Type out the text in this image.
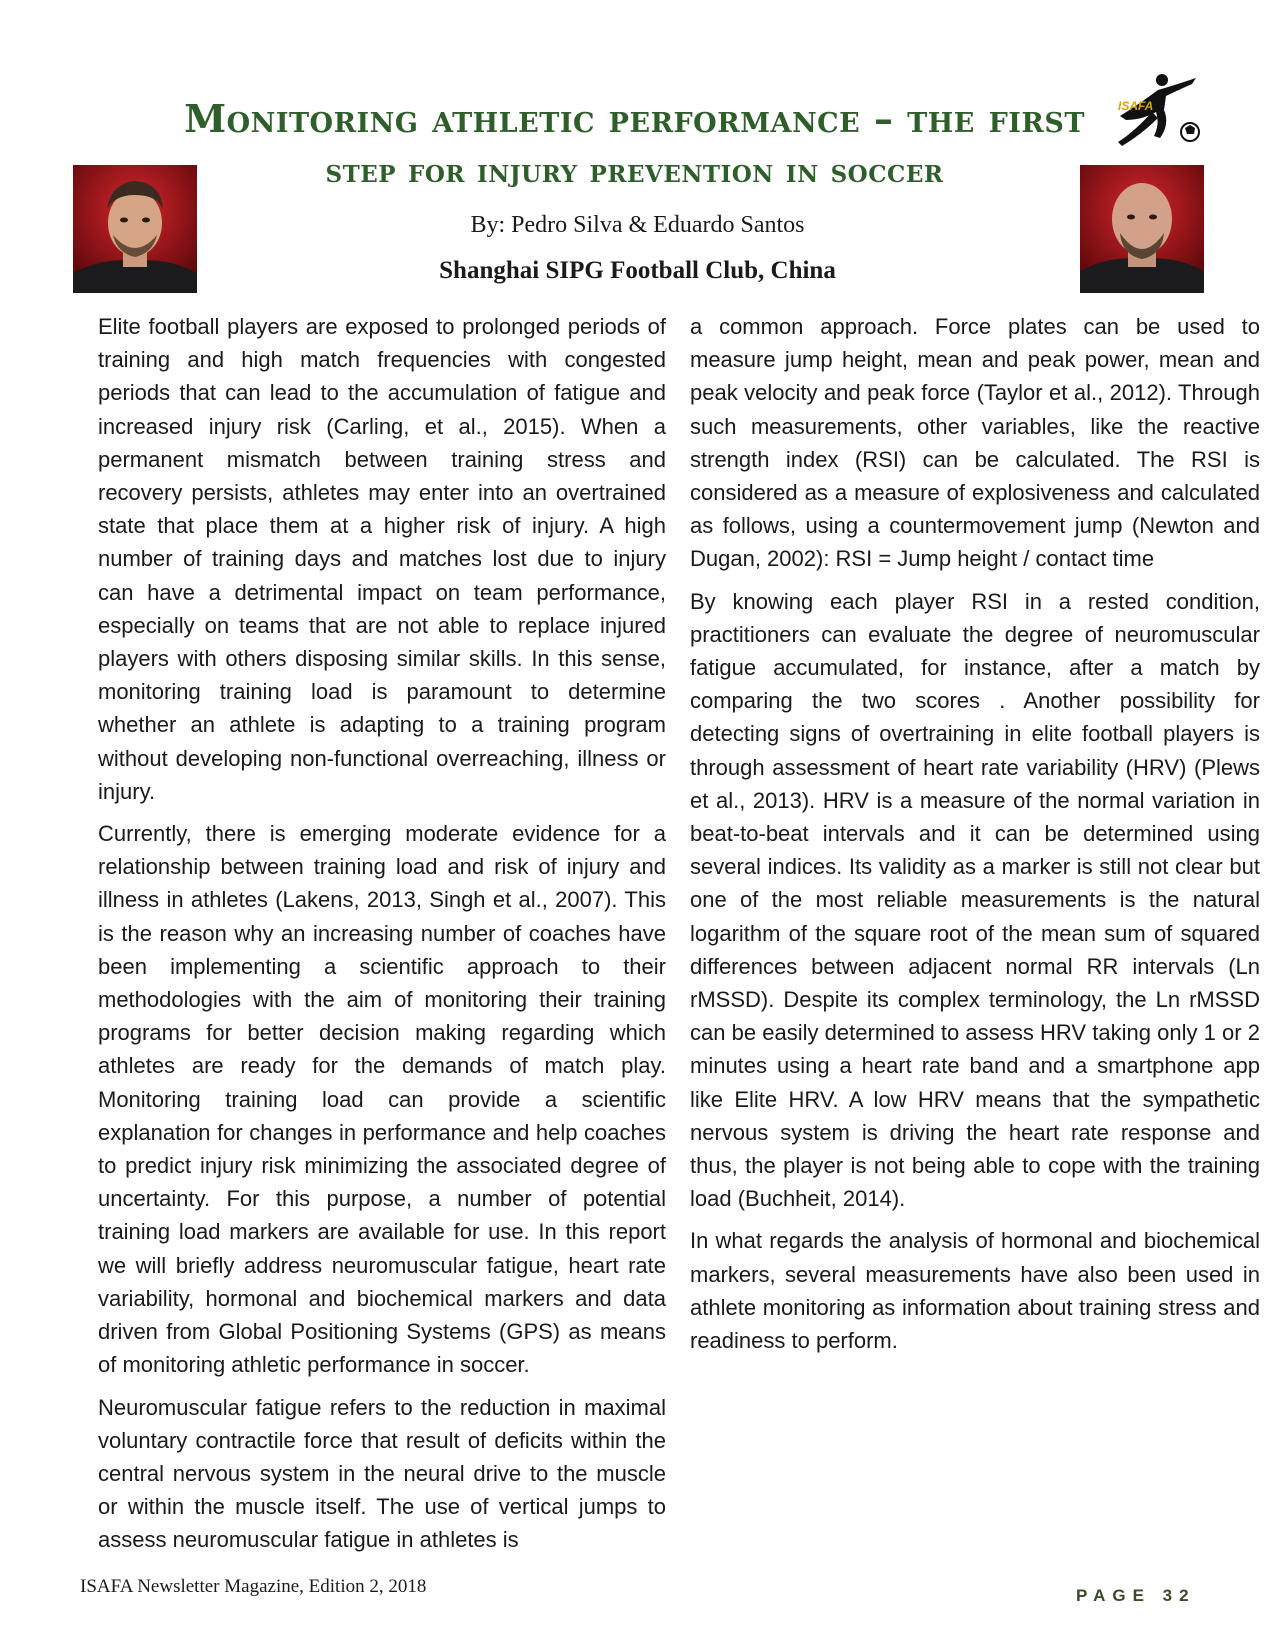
Monitoring athletic performance – the first
step for injury prevention in soccer

By: Pedro Silva & Eduardo Santos

Shanghai SIPG Football Club, China

ISAFA

Elite football players are exposed to prolonged periods of training and high match frequencies with congested periods that can lead to the accumulation of fatigue and increased injury risk (Carling, et al., 2015). When a permanent mismatch between training stress and recovery persists, athletes may enter into an overtrained state that place them at a higher risk of injury. A high number of training days and matches lost due to injury can have a detrimental impact on team performance, especially on teams that are not able to replace injured players with others disposing similar skills. In this sense, monitoring training load is paramount to determine whether an athlete is adapting to a training program without developing non-functional overreaching, illness or injury.

Currently, there is emerging moderate evidence for a relationship between training load and risk of injury and illness in athletes (Lakens, 2013, Singh et al., 2007). This is the reason why an increasing number of coaches have been implementing a scientific approach to their methodologies with the aim of monitoring their training programs for better decision making regarding which athletes are ready for the demands of match play. Monitoring training load can provide a scientific explanation for changes in performance and help coaches to predict injury risk minimizing the associated degree of uncertainty. For this purpose, a number of potential training load markers are available for use. In this report we will briefly address neuromuscular fatigue, heart rate variability, hormonal and biochemical markers and data driven from Global Positioning Systems (GPS) as means of monitoring athletic performance in soccer.

Neuromuscular fatigue refers to the reduction in maximal voluntary contractile force that result of deficits within the central nervous system in the neural drive to the muscle or within the muscle itself. The use of vertical jumps to assess neuromuscular fatigue in athletes is

a common approach. Force plates can be used to measure jump height, mean and peak power, mean and peak velocity and peak force (Taylor et al., 2012). Through such measurements, other variables, like the reactive strength index (RSI) can be calculated. The RSI is considered as a measure of explosiveness and calculated as follows, using a countermovement jump (Newton and Dugan, 2002): RSI = Jump height / contact time

By knowing each player RSI in a rested condition, practitioners can evaluate the degree of neuromuscular fatigue accumulated, for instance, after a match by comparing the two scores . Another possibility for detecting signs of overtraining in elite football players is through assessment of heart rate variability (HRV) (Plews et al., 2013). HRV is a measure of the normal variation in beat-to-beat intervals and it can be determined using several indices. Its validity as a marker is still not clear but one of the most reliable measurements is the natural logarithm of the square root of the mean sum of squared differences between adjacent normal RR intervals (Ln rMSSD). Despite its complex terminology, the Ln rMSSD can be easily determined to assess HRV taking only 1 or 2 minutes using a heart rate band and a smartphone app like Elite HRV. A low HRV means that the sympathetic nervous system is driving the heart rate response and thus, the player is not being able to cope with the training load (Buchheit, 2014).

In what regards the analysis of hormonal and biochemical markers, several measurements have also been used in athlete monitoring as information about training stress and readiness to perform.

ISAFA Newsletter Magazine, Edition 2, 2018	PAGE 32
